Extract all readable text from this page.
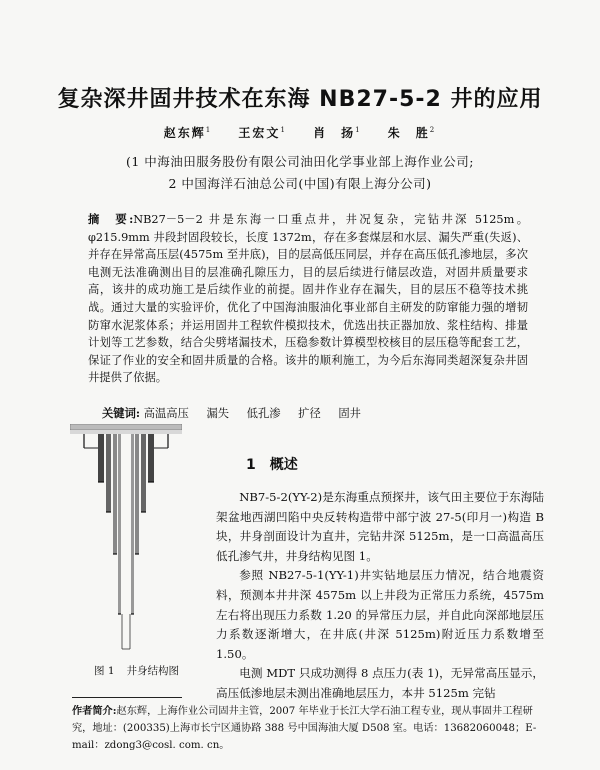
复杂深井固井技术在东海 NB27-5-2 井的应用
赵东辉$^1$ 王宏文$^1$ 肖　扬$^1$ 朱　胜$^2$
(1 中海油田服务股份有限公司油田化学事业部上海作业公司;
2 中国海洋石油总公司(中国)有限上海分公司)
摘　要:NB27－5－2 井是东海一口重点井，井况复杂，完钻井深 5125m。φ215.9mm 井段封固段较长，长度 1372m，存在多套煤层和水层、漏失严重(失返)、并存在异常高压层(4575m 至井底)，目的层高低压同层，并存在高压低孔渗地层，多次电测无法准确测出目的层准确孔隙压力，目的层后续进行储层改造，对固井质量要求高，该井的成功施工是后续作业的前提。固井作业存在漏失，目的层压不稳等技术挑战。通过大量的实验评价，优化了中国海油服油化事业部自主研发的防窜能力强的增韧防窜水泥浆体系；并运用固井工程软件模拟技术，优选出扶正器加放、浆柱结构、排量计划等工艺参数，结合尖劈堵漏技术，压稳参数计算模型校核目的层压稳等配套工艺，保证了作业的安全和固井质量的合格。该井的顺利施工，为今后东海同类超深复杂井固井提供了依据。
关键词: 高温高压 漏失 低孔渗 扩径 固井
图 1 井身结构图
1 概述

NB7-5-2(YY-2)是东海重点预探井，该气田主要位于东海陆架盆地西湖凹陷中央反转构造带中部宁波 27-5(印月一)构造 B 块，井身剖面设计为直井，完钻井深 5125m，是一口高温高压低孔渗气井，井身结构见图 1。

参照 NB27-5-1(YY-1)井实钻地层压力情况，结合地震资料，预测本井井深 4575m 以上井段为正常压力系统，4575m 左右将出现压力系数 1.20 的异常压力层，并自此向深部地层压力系数逐渐增大，在井底(井深 5125m)附近压力系数增至 1.50。

电测 MDT 只成功测得 8 点压力(表 1)，无异常高压显示，高压低渗地层未测出准确地层压力，本井 5125m 完钻

作者简介:赵东辉，上海作业公司固井主管，2007 年毕业于长江大学石油工程专业，现从事固井工程研究，地址：(200335)上海市长宁区通协路 388 号中国海油大厦 D508 室。电话：13682060048；E-mail：zdong3@cosl. com. cn。
